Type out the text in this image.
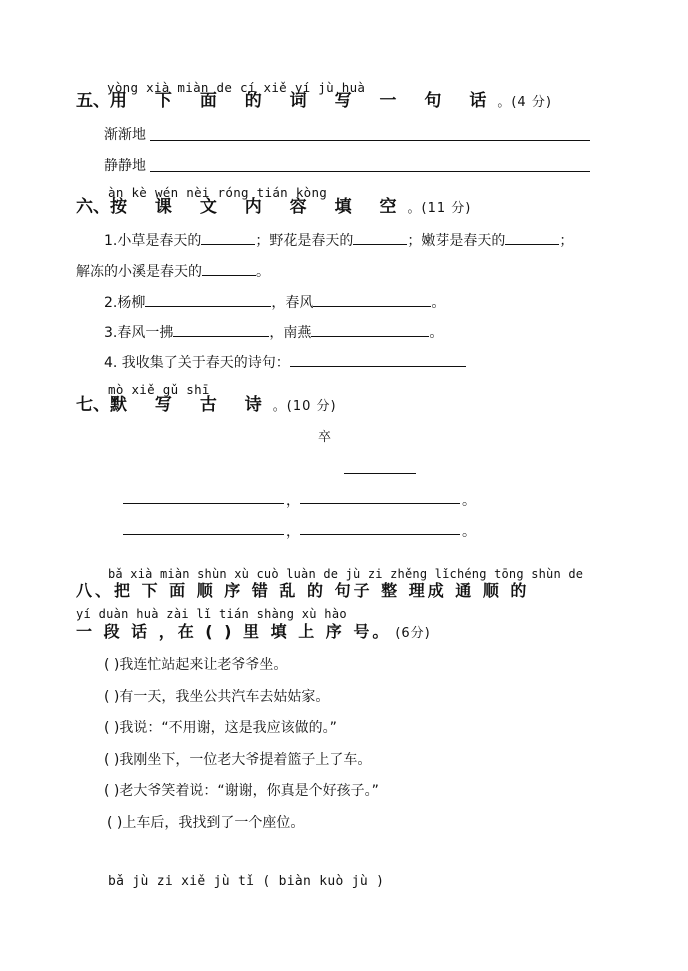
yòng xià miàn de cí xiě yí jù huà
五、用 下 面 的 词 写 一 句 话。(4 分)
渐渐地
静静地
àn kè wén nèi róng tián kòng
六、按 课 文 内 容 填 空。(11 分)
1.小草是春天的	；野花是春天的	；嫩芽是春天的	；
解冻的小溪是春天的	。
2.杨柳	，春风	。
3.春风一拂	，南燕	。
4. 我收集了关于春天的诗句：
mò xiě gǔ shī
七、默 写 古 诗。(10 分)
卒
，	。
，	。
bǎ xià miàn shùn xù cuò luàn de jù zi zhěng lǐchéng tōng shùn de
八、把 下 面 顺 序 错 乱 的 句子 整 理成 通 顺 的
yí duàn huà zài lǐ tián shàng xù hào
一 段 话 ，在 ( ) 里 填 上 序 号。 (6分)
( )我连忙站起来让老爷爷坐。
( )有一天，我坐公共汽车去姑姑家。
( )我说：“不用谢，这是我应该做的。”
( )我刚坐下，一位老大爷提着篮子上了车。
( )老大爷笑着说：“谢谢，你真是个好孩子。”
( )上车后，我找到了一个座位。
bǎ jù zi xiě jù tǐ ( biàn kuò jù )
